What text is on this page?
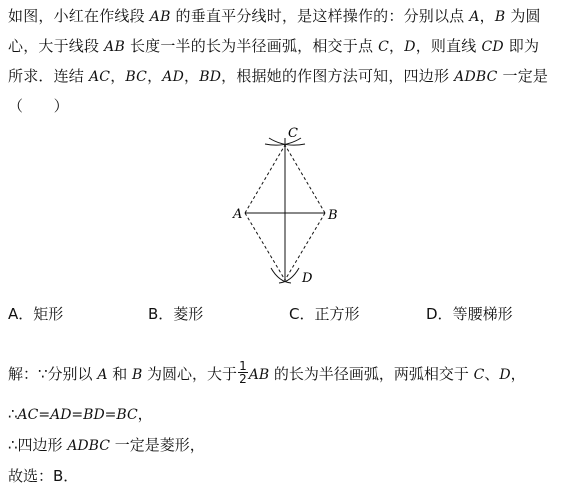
如图，小红在作线段 AB 的垂直平分线时，是这样操作的：分别以点 A，B 为圆
心，大于线段 AB 长度一半的长为半径画弧，相交于点 C，D，则直线 CD 即为
所求．连结 AC，BC，AD，BD，根据她的作图方法可知，四边形 ADBC 一定是
（　　）
C
A	B
D
A．矩形	B．菱形	C．正方形	D．等腰梯形
解：∵分别以 A 和 B 为圆心，大于 $\frac{1}{2}$ AB 的长为半径画弧，两弧相交于 C、D，
∴AC=AD=BD=BC，
∴四边形 ADBC 一定是菱形，
故选：B．
